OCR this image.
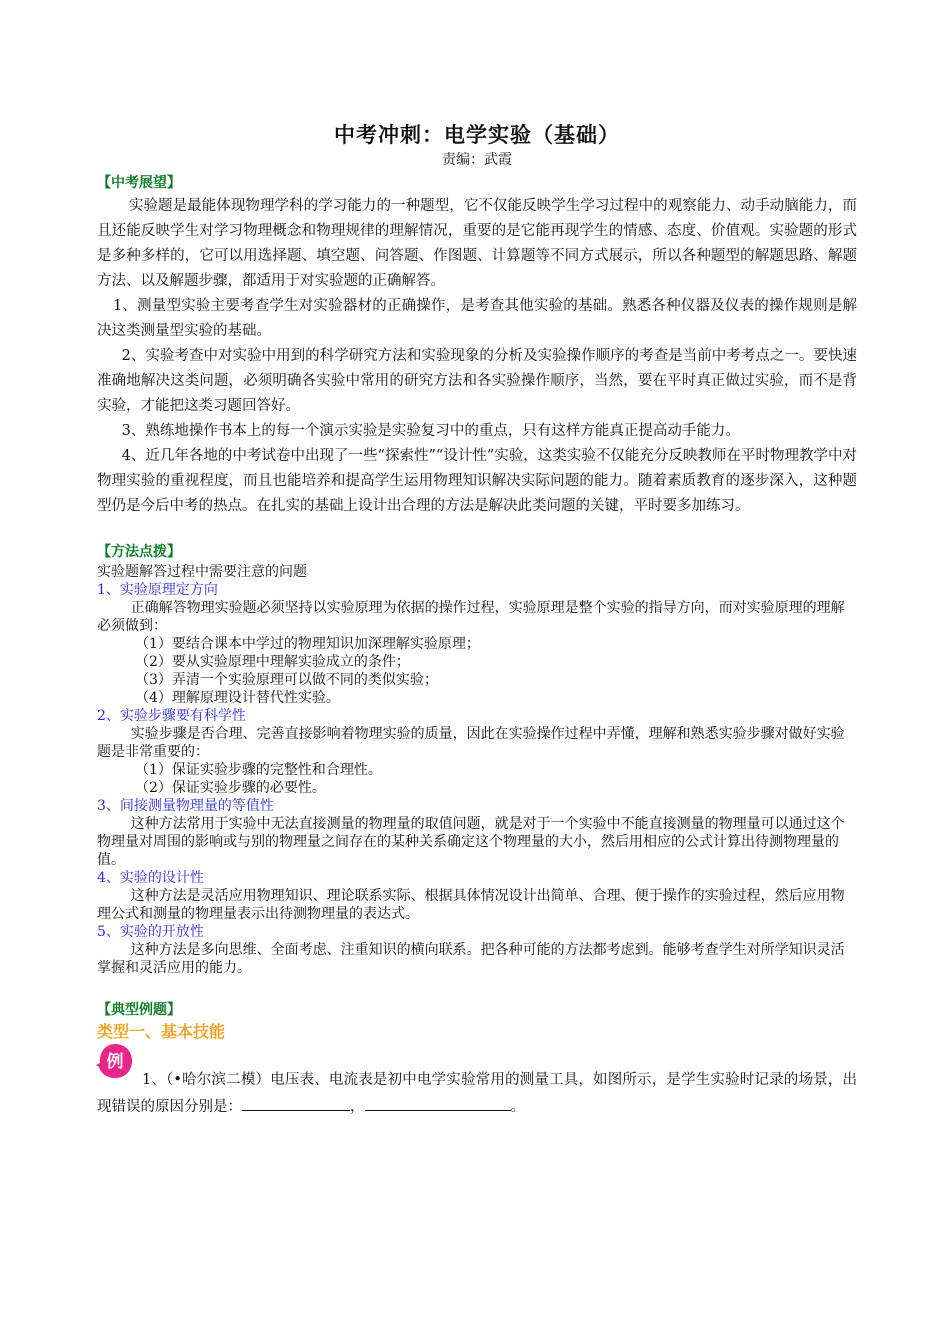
中考冲刺：电学实验（基础）

责编：武霞

【中考展望】

实验题是最能体现物理学科的学习能力的一种题型，它不仅能反映学生学习过程中的观察能力、动手动脑能力，而且还能反映学生对学习物理概念和物理规律的理解情况，重要的是它能再现学生的情感、态度、价值观。实验题的形式是多种多样的，它可以用选择题、填空题、问答题、作图题、计算题等不同方式展示，所以各种题型的解题思路、解题方法、以及解题步骤，都适用于对实验题的正确解答。

1、测量型实验主要考查学生对实验器材的正确操作，是考查其他实验的基础。熟悉各种仪器及仪表的操作规则是解决这类测量型实验的基础。

2、实验考查中对实验中用到的科学研究方法和实验现象的分析及实验操作顺序的考查是当前中考考点之一。要快速准确地解决这类问题，必须明确各实验中常用的研究方法和各实验操作顺序，当然，要在平时真正做过实验，而不是背实验，才能把这类习题回答好。

3、熟练地操作书本上的每一个演示实验是实验复习中的重点，只有这样方能真正提高动手能力。

4、近几年各地的中考试卷中出现了一些“探索性”“设计性”实验，这类实验不仅能充分反映教师在平时物理教学中对物理实验的重视程度，而且也能培养和提高学生运用物理知识解决实际问题的能力。随着素质教育的逐步深入，这种题型仍是今后中考的热点。在扎实的基础上设计出合理的方法是解决此类问题的关键，平时要多加练习。

【方法点拨】

实验题解答过程中需要注意的问题

1、实验原理定方向

正确解答物理实验题必须坚持以实验原理为依据的操作过程，实验原理是整个实验的指导方向，而对实验原理的理解必须做到：

（1）要结合课本中学过的物理知识加深理解实验原理；

（2）要从实验原理中理解实验成立的条件；

（3）弄清一个实验原理可以做不同的类似实验；

（4）理解原理设计替代性实验。

2、实验步骤要有科学性

实验步骤是否合理、完善直接影响着物理实验的质量，因此在实验操作过程中弄懂，理解和熟悉实验步骤对做好实验题是非常重要的：

（1）保证实验步骤的完整性和合理性。

（2）保证实验步骤的必要性。

3、间接测量物理量的等值性

这种方法常用于实验中无法直接测量的物理量的取值问题，就是对于一个实验中不能直接测量的物理量可以通过这个物理量对周围的影响或与别的物理量之间存在的某种关系确定这个物理量的大小，然后用相应的公式计算出待测物理量的值。

4、实验的设计性

这种方法是灵活应用物理知识、理论联系实际、根据具体情况设计出简单、合理、便于操作的实验过程，然后应用物理公式和测量的物理量表示出待测物理量的表达式。

5、实验的开放性

这种方法是多向思维、全面考虑、注重知识的横向联系。把各种可能的方法都考虑到。能够考查学生对所学知识灵活掌握和灵活应用的能力。

【典型例题】

类型一、基本技能

例

1、（•哈尔滨二模）电压表、电流表是初中电学实验常用的测量工具，如图所示，是学生实验时记录的场景，出现错误的原因分别是：	，	。
